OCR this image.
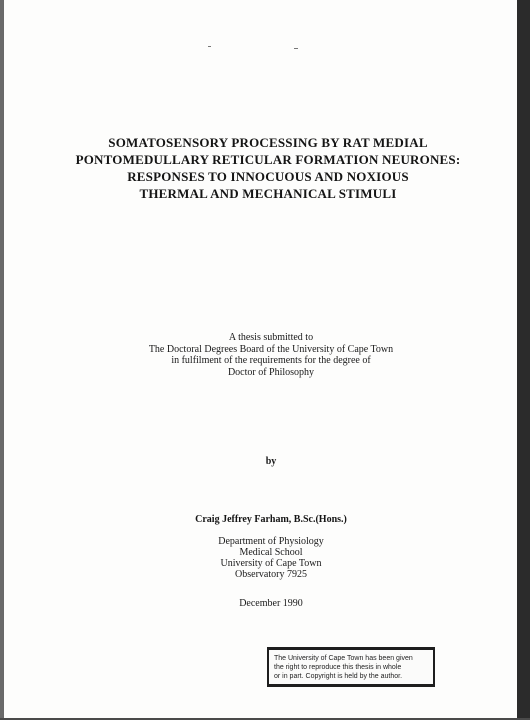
SOMATOSENSORY PROCESSING BY RAT MEDIAL
PONTOMEDULLARY RETICULAR FORMATION NEURONES:
RESPONSES TO INNOCUOUS AND NOXIOUS
THERMAL AND MECHANICAL STIMULI
A thesis submitted to
The Doctoral Degrees Board of the University of Cape Town
in fulfilment of the requirements for the degree of
Doctor of Philosophy
by
Craig Jeffrey Farham, B.Sc.(Hons.)
Department of Physiology
Medical School
University of Cape Town
Observatory 7925
December 1990
The University of Cape Town has been given
the right to reproduce this thesis in whole
or in part. Copyright is held by the author.
